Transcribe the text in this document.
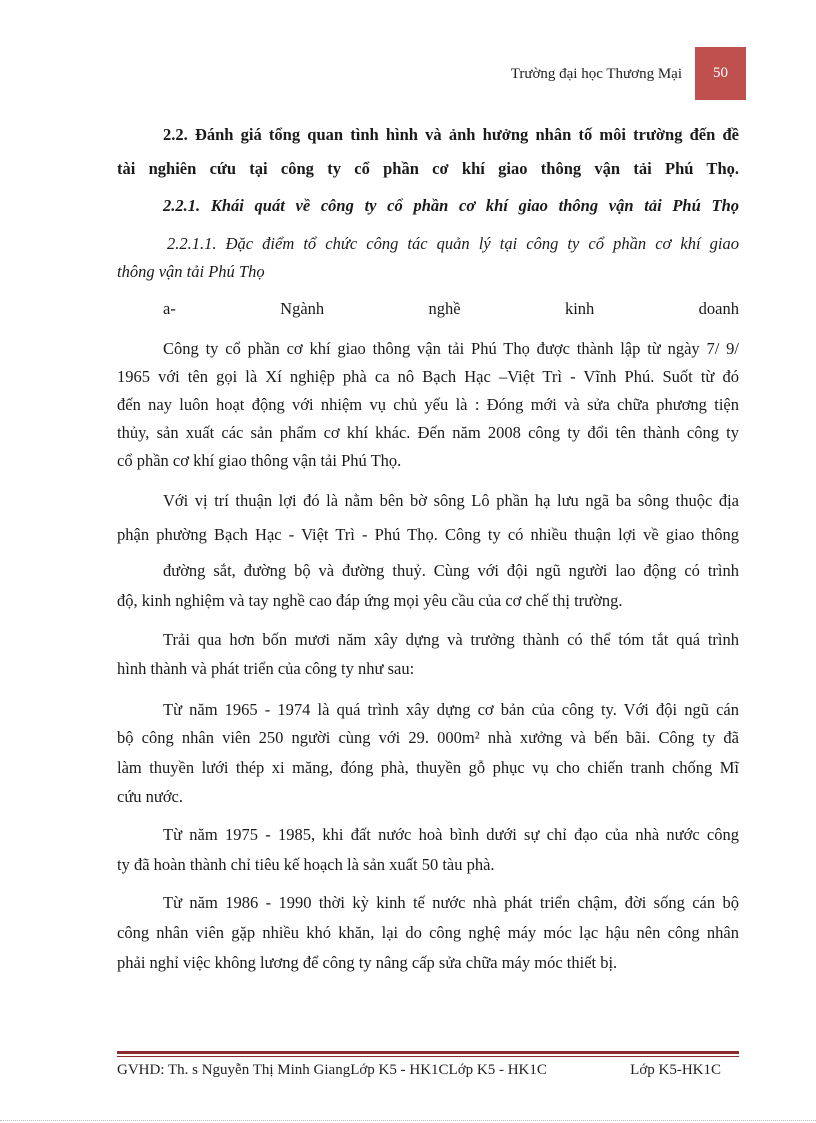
Trường đại học Thương Mại	50

2.2. Đánh giá tổng quan tình hình và ảnh hưởng nhân tố môi trường đến đề

tài nghiên cứu tại công ty cổ phần cơ khí giao thông vận tải Phú Thọ.

2.2.1. Khái quát về công ty cổ phần cơ khí giao thông vận tải Phú Thọ

2.2.1.1. Đặc điểm tổ chức công tác quản lý tại công ty cổ phần cơ khí giao

thông vận tải Phú Thọ

a- Ngành nghề kinh doanh

Công ty cổ phần cơ khí giao thông vận tải Phú Thọ được thành lập từ ngày 7/ 9/

1965 với tên gọi là Xí nghiệp phà ca nô Bạch Hạc –Việt Trì - Vĩnh Phú. Suốt từ đó

đến nay luôn hoạt động với nhiệm vụ chủ yếu là : Đóng mới và sửa chữa phương tiện

thủy, sản xuất các sản phẩm cơ khí khác. Đến năm 2008 công ty đổi tên thành công ty

cổ phần cơ khí giao thông vận tải Phú Thọ.

Với vị trí thuận lợi đó là nằm bên bờ sông Lô phần hạ lưu ngã ba sông thuộc địa

phận phường Bạch Hạc - Việt Trì - Phú Thọ. Công ty có nhiều thuận lợi về giao thông

đường sắt, đường bộ và đường thuỷ. Cùng với đội ngũ người lao động có trình

độ, kinh nghiệm và tay nghề cao đáp ứng mọi yêu cầu của cơ chế thị trường.

Trải qua hơn bốn mươi năm xây dựng và trưởng thành có thể tóm tắt quá trình

hình thành và phát triển của công ty như sau:

Từ năm 1965 - 1974 là quá trình xây dựng cơ bản của công ty. Với đội ngũ cán

bộ công nhân viên 250 người cùng với 29. 000m² nhà xưởng và bến bãi. Công ty đã

làm thuyền lưới thép xi măng, đóng phà, thuyền gỗ phục vụ cho chiến tranh chống Mĩ

cứu nước.

Từ năm 1975 - 1985, khi đất nước hoà bình dưới sự chỉ đạo của nhà nước công

ty đã hoàn thành chỉ tiêu kế hoạch là sản xuất 50 tàu phà.

Từ năm 1986 - 1990 thời kỳ kinh tế nước nhà phát triển chậm, đời sống cán bộ

công nhân viên gặp nhiều khó khăn, lại do công nghệ máy móc lạc hậu nên công nhân

phải nghỉ việc không lương để công ty nâng cấp sửa chữa máy móc thiết bị.

GVHD: Th. s Nguyễn Thị Minh GiangLớp K5 - HK1CLớp K5 - HK1C	Lớp K5-HK1C
